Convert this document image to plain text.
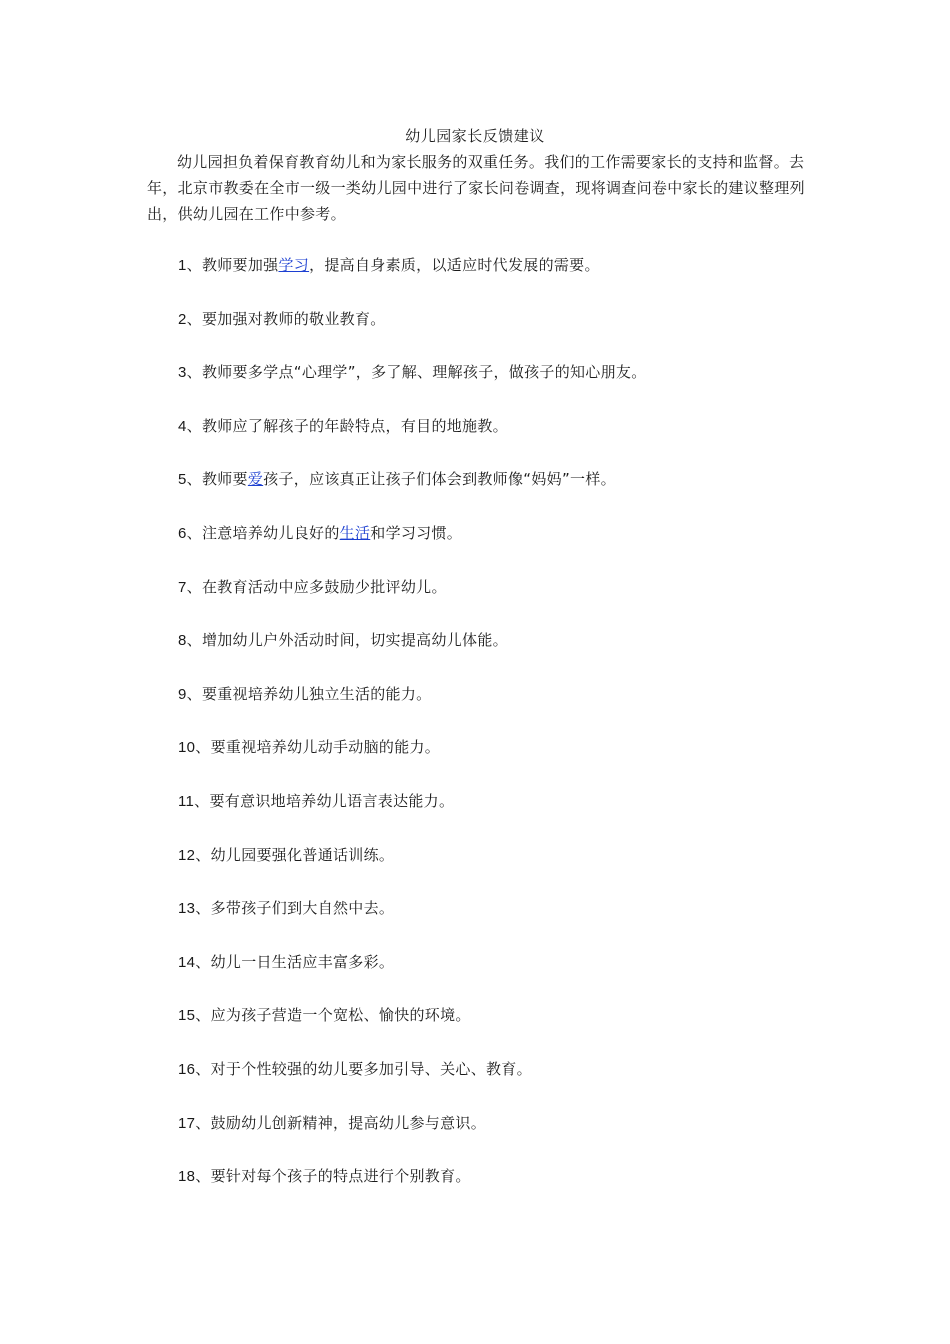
幼儿园家长反馈建议

幼儿园担负着保育教育幼儿和为家长服务的双重任务。我们的工作需要家长的支持和监督。去年，北京市教委在全市一级一类幼儿园中进行了家长问卷调查，现将调查问卷中家长的建议整理列出，供幼儿园在工作中参考。

1、教师要加强学习，提高自身素质，以适应时代发展的需要。
2、要加强对教师的敬业教育。
3、教师要多学点“心理学”，多了解、理解孩子，做孩子的知心朋友。
4、教师应了解孩子的年龄特点，有目的地施教。
5、教师要爱孩子，应该真正让孩子们体会到教师像“妈妈”一样。
6、注意培养幼儿良好的生活和学习习惯。
7、在教育活动中应多鼓励少批评幼儿。
8、增加幼儿户外活动时间，切实提高幼儿体能。
9、要重视培养幼儿独立生活的能力。
10、要重视培养幼儿动手动脑的能力。
11、要有意识地培养幼儿语言表达能力。
12、幼儿园要强化普通话训练。
13、多带孩子们到大自然中去。
14、幼儿一日生活应丰富多彩。
15、应为孩子营造一个宽松、愉快的环境。
16、对于个性较强的幼儿要多加引导、关心、教育。
17、鼓励幼儿创新精神，提高幼儿参与意识。
18、要针对每个孩子的特点进行个别教育。
